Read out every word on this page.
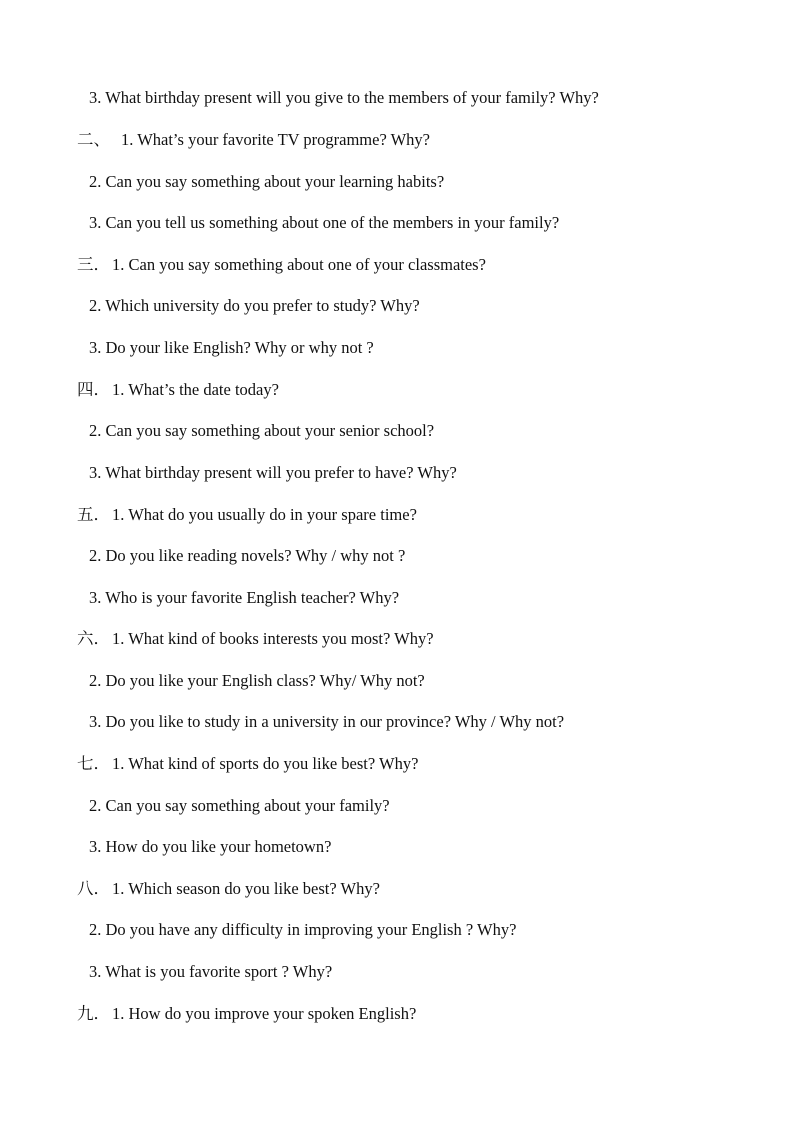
3. What birthday present will you give to the members of your family? Why?
二、 1. What’s your favorite TV programme? Why?
2. Can you say something about your learning habits?
3. Can you tell us something about one of the members in your family?
三． 1. Can you say something about one of your classmates?
2. Which university do you prefer to study? Why?
3. Do your like English? Why or why not ?
四． 1. What’s the date today?
2. Can you say something about your senior school?
3. What birthday present will you prefer to have? Why?
五． 1. What do you usually do in your spare time?
2. Do you like reading novels? Why / why not ?
3. Who is your favorite English teacher? Why?
六． 1. What kind of books interests you most? Why?
2. Do you like your English class? Why/ Why not?
3. Do you like to study in a university in our province? Why / Why not?
七． 1. What kind of sports do you like best? Why?
2. Can you say something about your family?
3. How do you like your hometown?
八． 1. Which season do you like best? Why?
2. Do you have any difficulty in improving your English ? Why?
3. What is you favorite sport ? Why?
九． 1. How do you improve your spoken English?
